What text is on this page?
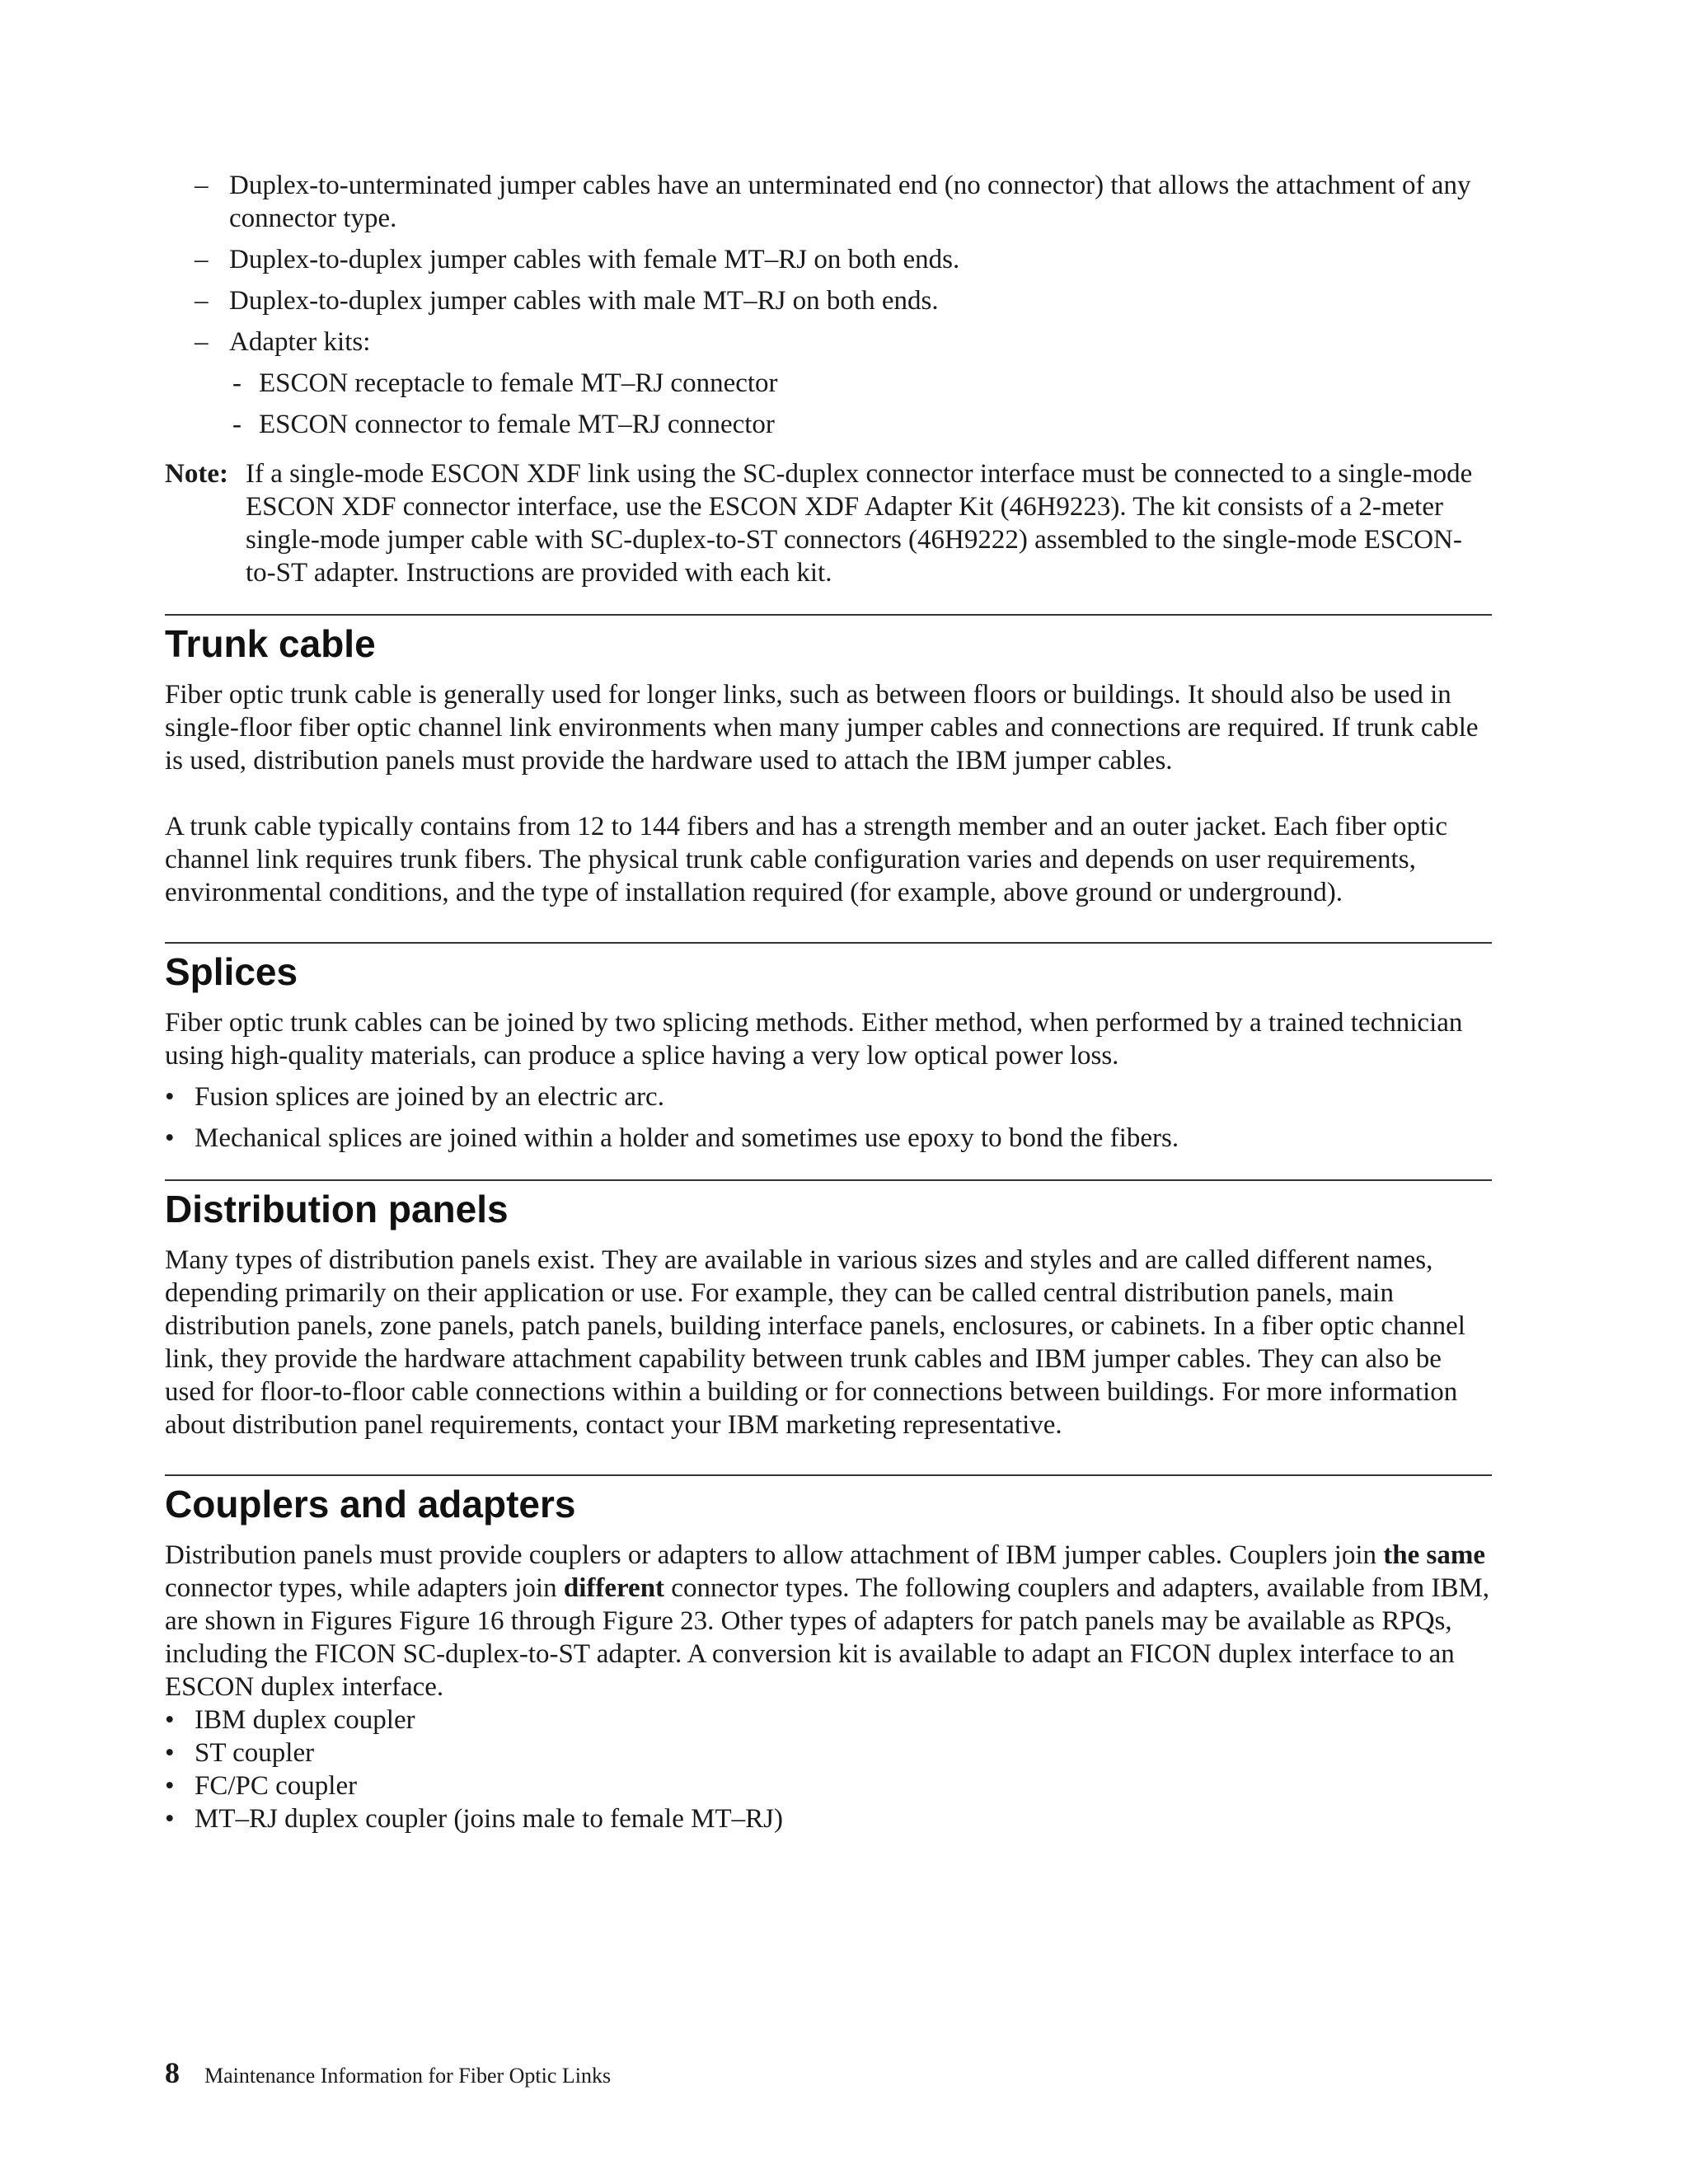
– Duplex-to-unterminated jumper cables have an unterminated end (no connector) that allows the attachment of any connector type.
– Duplex-to-duplex jumper cables with female MT–RJ on both ends.
– Duplex-to-duplex jumper cables with male MT–RJ on both ends.
– Adapter kits:
- ESCON receptacle to female MT–RJ connector
- ESCON connector to female MT–RJ connector
Note: If a single-mode ESCON XDF link using the SC-duplex connector interface must be connected to a single-mode ESCON XDF connector interface, use the ESCON XDF Adapter Kit (46H9223). The kit consists of a 2-meter single-mode jumper cable with SC-duplex-to-ST connectors (46H9222) assembled to the single-mode ESCON-to-ST adapter. Instructions are provided with each kit.
Trunk cable

Fiber optic trunk cable is generally used for longer links, such as between floors or buildings. It should also be used in single-floor fiber optic channel link environments when many jumper cables and connections are required. If trunk cable is used, distribution panels must provide the hardware used to attach the IBM jumper cables.

A trunk cable typically contains from 12 to 144 fibers and has a strength member and an outer jacket. Each fiber optic channel link requires trunk fibers. The physical trunk cable configuration varies and depends on user requirements, environmental conditions, and the type of installation required (for example, above ground or underground).

Splices

Fiber optic trunk cables can be joined by two splicing methods. Either method, when performed by a trained technician using high-quality materials, can produce a splice having a very low optical power loss.

• Fusion splices are joined by an electric arc.
• Mechanical splices are joined within a holder and sometimes use epoxy to bond the fibers.
Distribution panels

Many types of distribution panels exist. They are available in various sizes and styles and are called different names, depending primarily on their application or use. For example, they can be called central distribution panels, main distribution panels, zone panels, patch panels, building interface panels, enclosures, or cabinets. In a fiber optic channel link, they provide the hardware attachment capability between trunk cables and IBM jumper cables. They can also be used for floor-to-floor cable connections within a building or for connections between buildings. For more information about distribution panel requirements, contact your IBM marketing representative.

Couplers and adapters

Distribution panels must provide couplers or adapters to allow attachment of IBM jumper cables. Couplers join the same connector types, while adapters join different connector types. The following couplers and adapters, available from IBM, are shown in Figures Figure 16 through Figure 23. Other types of adapters for patch panels may be available as RPQs, including the FICON SC-duplex-to-ST adapter. A conversion kit is available to adapt an FICON duplex interface to an ESCON duplex interface.

• IBM duplex coupler
• ST coupler
• FC/PC coupler
• MT–RJ duplex coupler (joins male to female MT–RJ)
8 Maintenance Information for Fiber Optic Links
